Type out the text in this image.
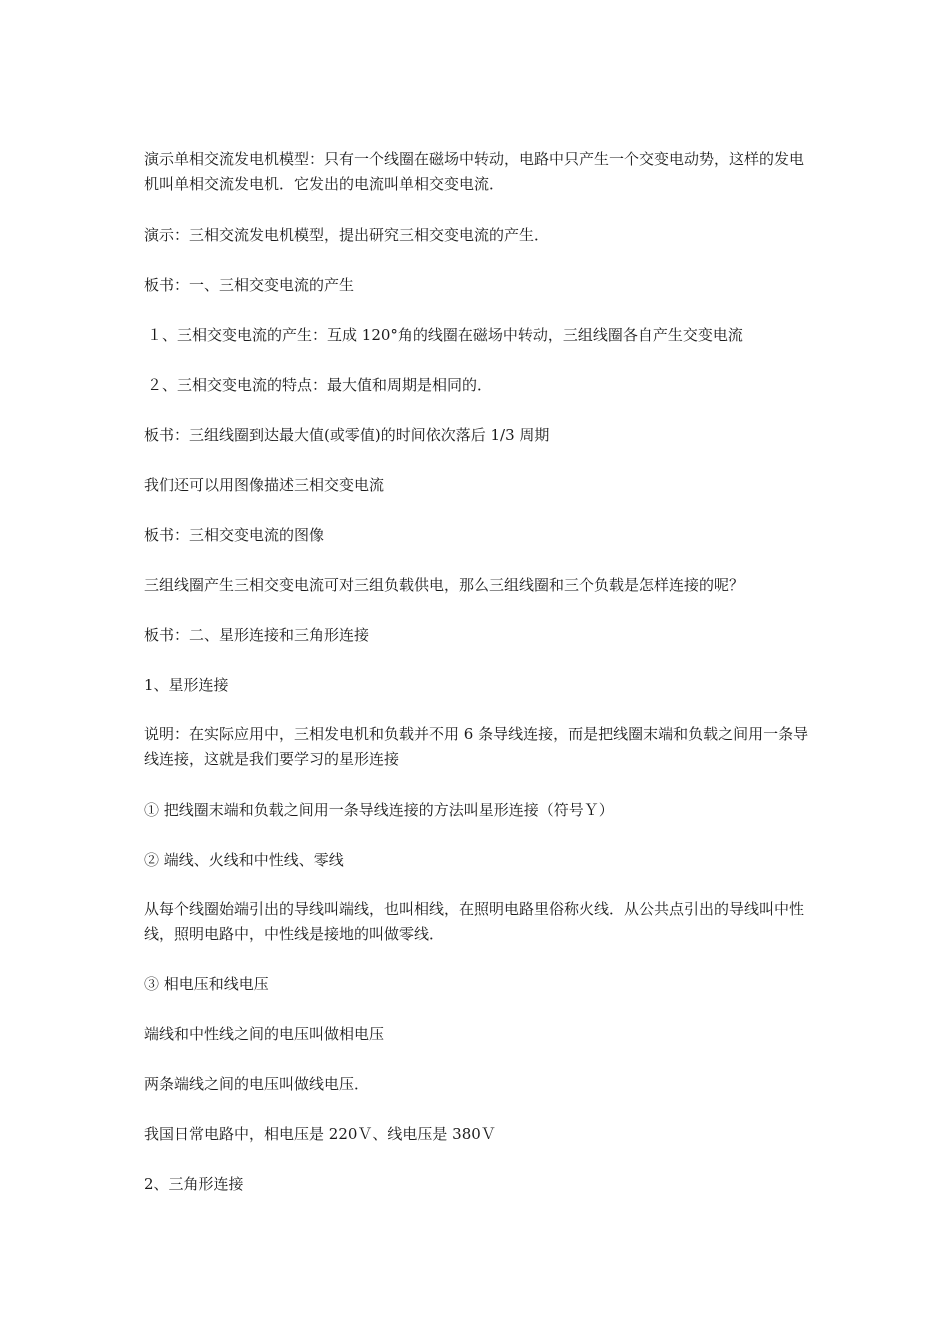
演示单相交流发电机模型：只有一个线圈在磁场中转动，电路中只产生一个交变电动势，这样的发电机叫单相交流发电机．它发出的电流叫单相交变电流．

演示：三相交流发电机模型，提出研究三相交变电流的产生．

板书：一、三相交变电流的产生

１、三相交变电流的产生：互成 120°角的线圈在磁场中转动，三组线圈各自产生交变电流

２、三相交变电流的特点：最大值和周期是相同的．

板书：三组线圈到达最大值(或零值)的时间依次落后 1/3 周期

我们还可以用图像描述三相交变电流

板书：三相交变电流的图像

三组线圈产生三相交变电流可对三组负载供电，那么三组线圈和三个负载是怎样连接的呢？

板书：二、星形连接和三角形连接

1、星形连接

说明：在实际应用中，三相发电机和负载并不用 6 条导线连接，而是把线圈末端和负载之间用一条导线连接，这就是我们要学习的星形连接

① 把线圈末端和负载之间用一条导线连接的方法叫星形连接（符号Ｙ）

② 端线、火线和中性线、零线

从每个线圈始端引出的导线叫端线，也叫相线，在照明电路里俗称火线．从公共点引出的导线叫中性线，照明电路中，中性线是接地的叫做零线．

③ 相电压和线电压

端线和中性线之间的电压叫做相电压

两条端线之间的电压叫做线电压．

我国日常电路中，相电压是 220Ｖ、线电压是 380Ｖ

2、三角形连接
